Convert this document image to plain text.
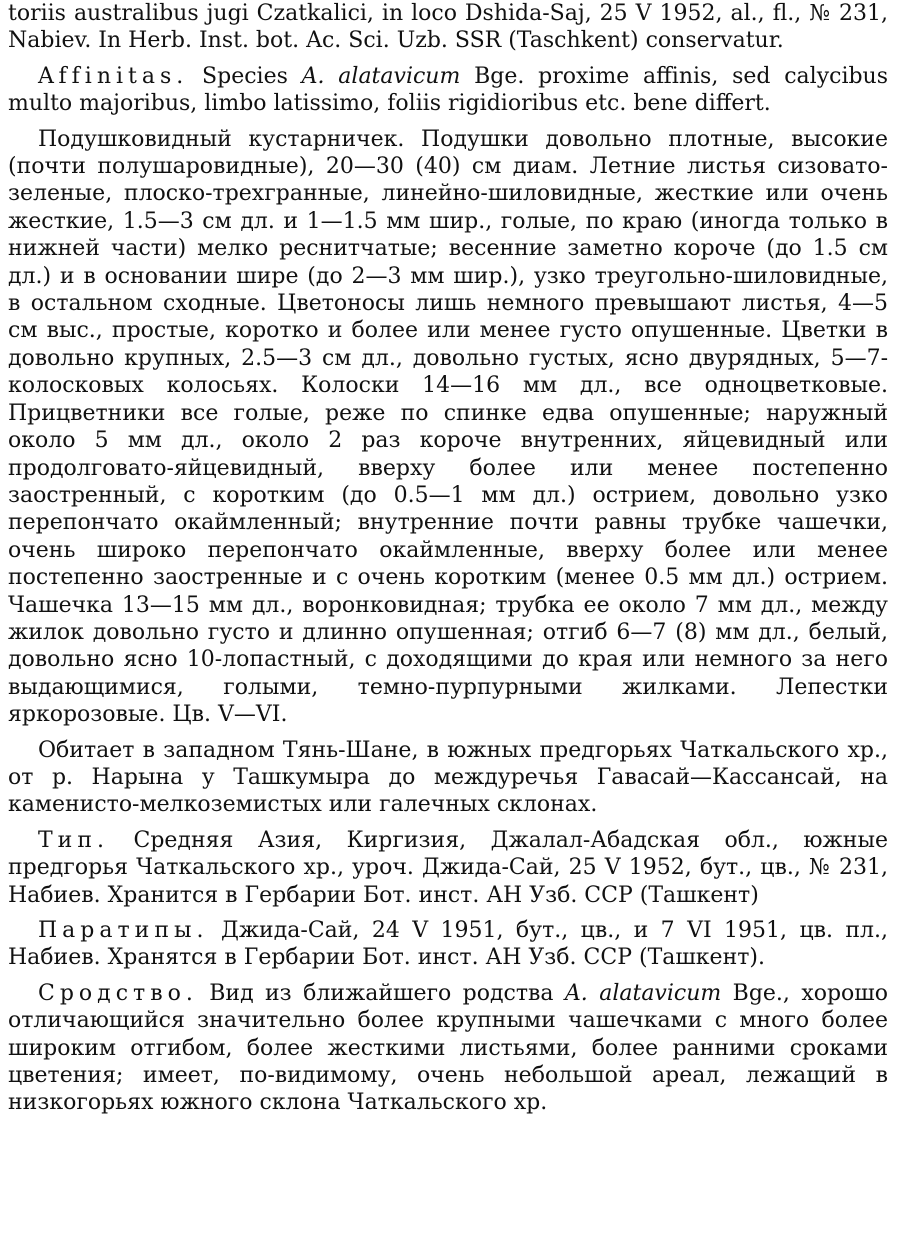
toriis australibus jugi Czatkalici, in loco Dshida-Saj, 25 V 1952, al., fl., № 231, Nabiev. In Herb. Inst. bot. Ac. Sci. Uzb. SSR (Taschkent) conservatur.

Affinitas. Species A. alatavicum Bge. proxime affinis, sed calycibus multo majoribus, limbo latissimo, foliis rigidioribus etc. bene differt.

Подушковидный кустарничек. Подушки довольно плотные, высокие (почти полушаровидные), 20—30 (40) см диам. Летние листья сизовато-зеленые, плоско-трехгранные, линейно-шиловидные, жесткие или очень жесткие, 1.5—3 см дл. и 1—1.5 мм шир., голые, по краю (иногда только в нижней части) мелко реснитчатые; весенние заметно короче (до 1.5 см дл.) и в основании шире (до 2—3 мм шир.), узко треугольно-шиловидные, в остальном сходные. Цветоносы лишь немного превышают листья, 4—5 см выс., простые, коротко и более или менее густо опушенные. Цветки в довольно крупных, 2.5—3 см дл., довольно густых, ясно двурядных, 5—7-колосковых колосьях. Колоски 14—16 мм дл., все одноцветковые. Прицветники все голые, реже по спинке едва опушенные; наружный около 5 мм дл., около 2 раз короче внутренних, яйцевидный или продолговато-яйцевидный, вверху более или менее постепенно заостренный, с коротким (до 0.5—1 мм дл.) острием, довольно узко перепончато окаймленный; внутренние почти равны трубке чашечки, очень широко перепончато окаймленные, вверху более или менее постепенно заостренные и с очень коротким (менее 0.5 мм дл.) острием. Чашечка 13—15 мм дл., воронковидная; трубка ее около 7 мм дл., между жилок довольно густо и длинно опушенная; отгиб 6—7 (8) мм дл., белый, довольно ясно 10-лопастный, с доходящими до края или немного за него выдающимися, голыми, темно-пурпурными жилками. Лепестки яркорозовые. Цв. V—VI.

Обитает в западном Тянь-Шане, в южных предгорьях Чаткальского хр., от р. Нарына у Ташкумыра до междуречья Гавасай—Кассансай, на каменисто-мелкоземистых или галечных склонах.

Тип. Средняя Азия, Киргизия, Джалал-Абадская обл., южные предгорья Чаткальского хр., уроч. Джида-Сай, 25 V 1952, бут., цв., № 231, Набиев. Хранится в Гербарии Бот. инст. АН Узб. ССР (Ташкент)

Паратипы. Джида-Сай, 24 V 1951, бут., цв., и 7 VI 1951, цв. пл., Набиев. Хранятся в Гербарии Бот. инст. АН Узб. ССР (Ташкент).

Сродство. Вид из ближайшего родства A. alatavicum Bge., хорошо отличающийся значительно более крупными чашечками с много более широким отгибом, более жесткими листьями, более ранними сроками цветения; имеет, по-видимому, очень небольшой ареал, лежащий в низкогорьях южного склона Чаткальского хр.
